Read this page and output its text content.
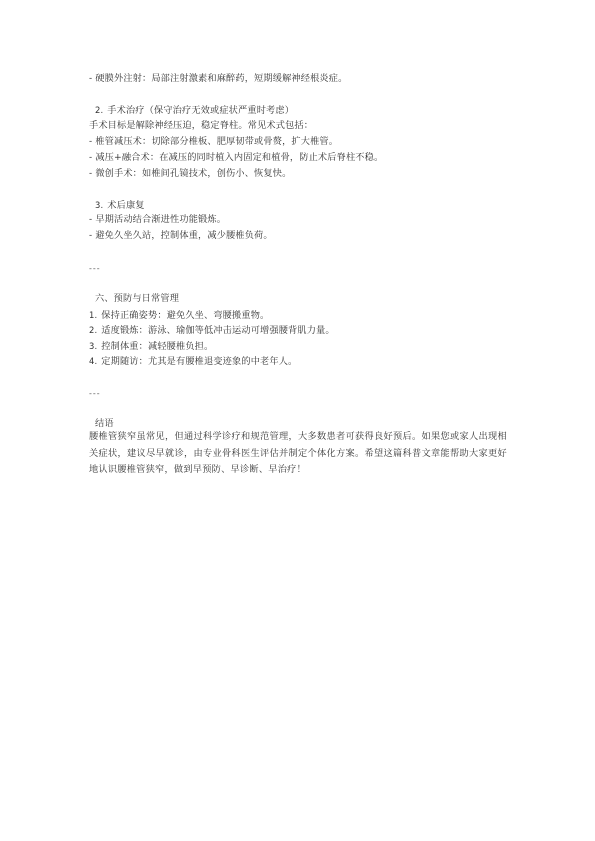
- 硬膜外注射：局部注射激素和麻醉药，短期缓解神经根炎症。
2. 手术治疗（保守治疗无效或症状严重时考虑）
手术目标是解除神经压迫，稳定脊柱。常见术式包括：
- 椎管减压术：切除部分椎板、肥厚韧带或骨赘，扩大椎管。
- 减压+融合术：在减压的同时植入内固定和植骨，防止术后脊柱不稳。
- 微创手术：如椎间孔镜技术，创伤小、恢复快。
3. 术后康复
- 早期活动结合渐进性功能锻炼。
- 避免久坐久站，控制体重，减少腰椎负荷。
---
六、预防与日常管理
1. 保持正确姿势：避免久坐、弯腰搬重物。
2. 适度锻炼：游泳、瑜伽等低冲击运动可增强腰背肌力量。
3. 控制体重：减轻腰椎负担。
4. 定期随访：尤其是有腰椎退变迹象的中老年人。
---
结语
腰椎管狭窄虽常见，但通过科学诊疗和规范管理，大多数患者可获得良好预后。如果您或家人出现相关症状，建议尽早就诊，由专业骨科医生评估并制定个体化方案。希望这篇科普文章能帮助大家更好地认识腰椎管狭窄，做到早预防、早诊断、早治疗！
